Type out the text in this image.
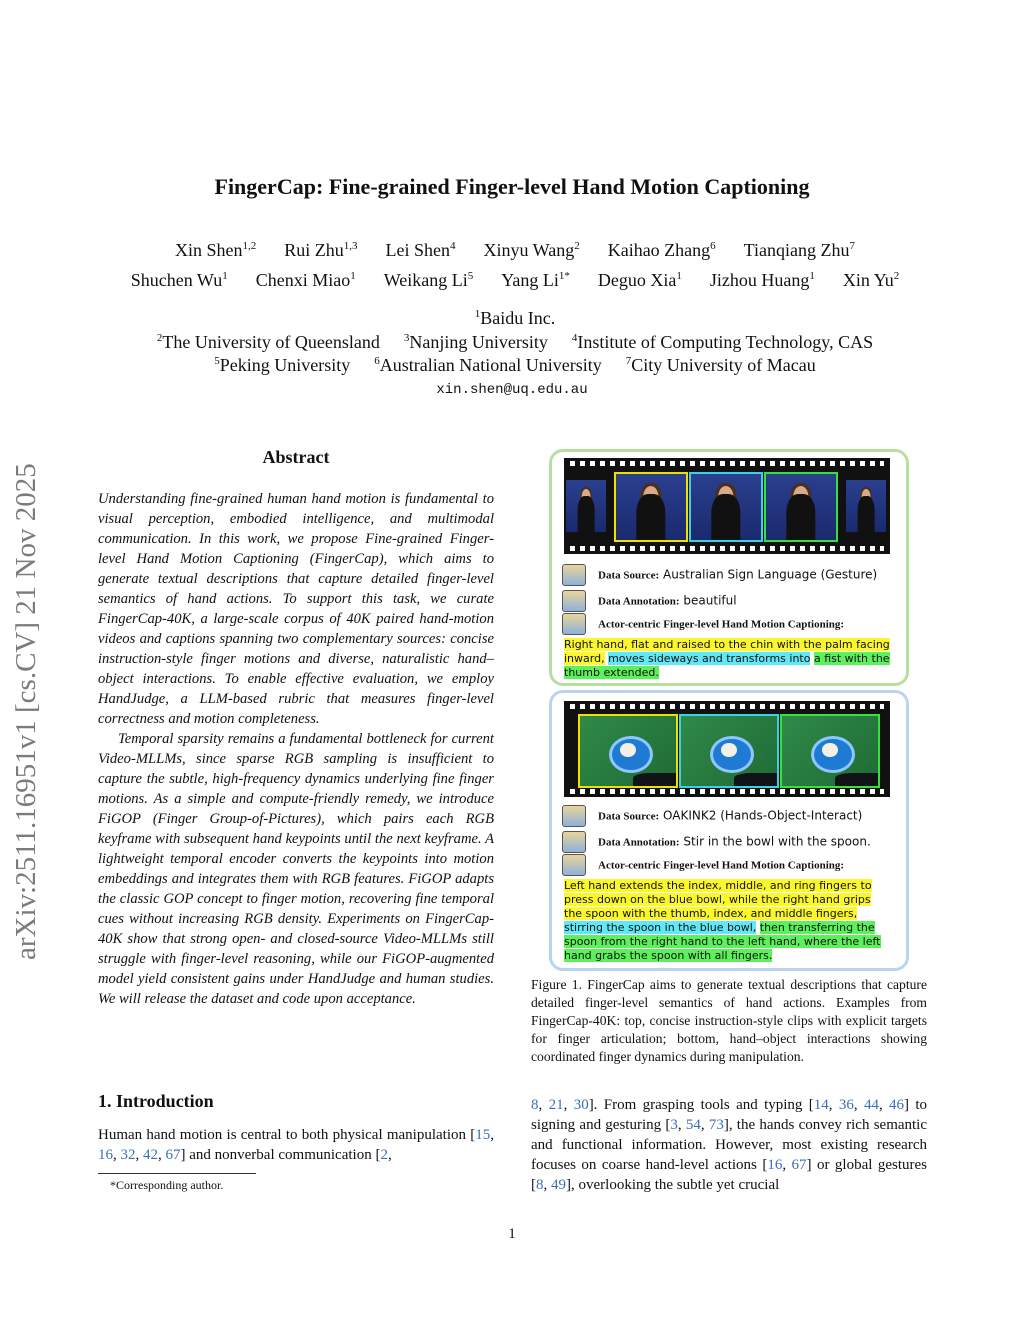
arXiv:2511.16951v1 [cs.CV] 21 Nov 2025
FingerCap: Fine-grained Finger-level Hand Motion Captioning
Xin Shen$^{1,2}$ Rui Zhu$^{1,3}$ Lei Shen$^4$ Xinyu Wang$^2$ Kaihao Zhang$^6$ Tianqiang Zhu$^7$
Shuchen Wu$^1$ Chenxi Miao$^1$ Weikang Li$^5$ Yang $Li^{1*}$ Deguo Xia$^1$ Jizhou Huang$^1$ Xin Yu$^2$
$^1$Baidu Inc.
$^2$The University of Queensland $^3$Nanjing University $^4$Institute of Computing Technology, CAS
$^5$Peking University $^6$Australian National University $^7$City University of Macau
xin.shen@uq.edu.au
Abstract

Understanding fine-grained human hand motion is fundamental to visual perception, embodied intelligence, and multimodal communication. In this work, we propose Fine-grained Finger-level Hand Motion Captioning (FingerCap), which aims to generate textual descriptions that capture detailed finger-level semantics of hand actions. To support this task, we curate FingerCap-40K, a large-scale corpus of 40K paired hand-motion videos and captions spanning two complementary sources: concise instruction-style finger motions and diverse, naturalistic hand–object interactions. To enable effective evaluation, we employ HandJudge, a LLM-based rubric that measures finger-level correctness and motion completeness.

Temporal sparsity remains a fundamental bottleneck for current Video-MLLMs, since sparse RGB sampling is insufficient to capture the subtle, high-frequency dynamics underlying fine finger motions. As a simple and compute-friendly remedy, we introduce FiGOP (Finger Group-of-Pictures), which pairs each RGB keyframe with subsequent hand keypoints until the next keyframe. A lightweight temporal encoder converts the keypoints into motion embeddings and integrates them with RGB features. FiGOP adapts the classic GOP concept to finger motion, recovering fine temporal cues without increasing RGB density. Experiments on FingerCap-40K show that strong open- and closed-source Video-MLLMs still struggle with finger-level reasoning, while our FiGOP-augmented model yield consistent gains under HandJudge and human studies. We will release the dataset and code upon acceptance.

1. Introduction
Human hand motion is central to both physical manipulation [15, 16, 32, 42, 67] and nonverbal communication [2,
*Corresponding author.
Data Source: Australian Sign Language (Gesture)
Data Annotation: beautiful
Actor-centric Finger-level Hand Motion Captioning:
Right hand, flat and raised to the chin with the palm facing inward, moves sideways and transforms into a fist with the thumb extended.
Data Source: OAKINK2 (Hands-Object-Interact)
Data Annotation: Stir in the bowl with the spoon.
Actor-centric Finger-level Hand Motion Captioning:
Left hand extends the index, middle, and ring fingers to press down on the blue bowl, while the right hand grips the spoon with the thumb, index, and middle fingers, stirring the spoon in the blue bowl, then transferring the spoon from the right hand to the left hand, where the left hand grabs the spoon with all fingers.
Figure 1. FingerCap aims to generate textual descriptions that capture detailed finger-level semantics of hand actions. Examples from FingerCap-40K: top, concise instruction-style clips with explicit targets for finger articulation; bottom, hand–object interactions showing coordinated finger dynamics during manipulation.
8, 21, 30]. From grasping tools and typing [14, 36, 44, 46] to signing and gesturing [3, 54, 73], the hands convey rich semantic and functional information. However, most existing research focuses on coarse hand-level actions [16, 67] or global gestures [8, 49], overlooking the subtle yet crucial
1
